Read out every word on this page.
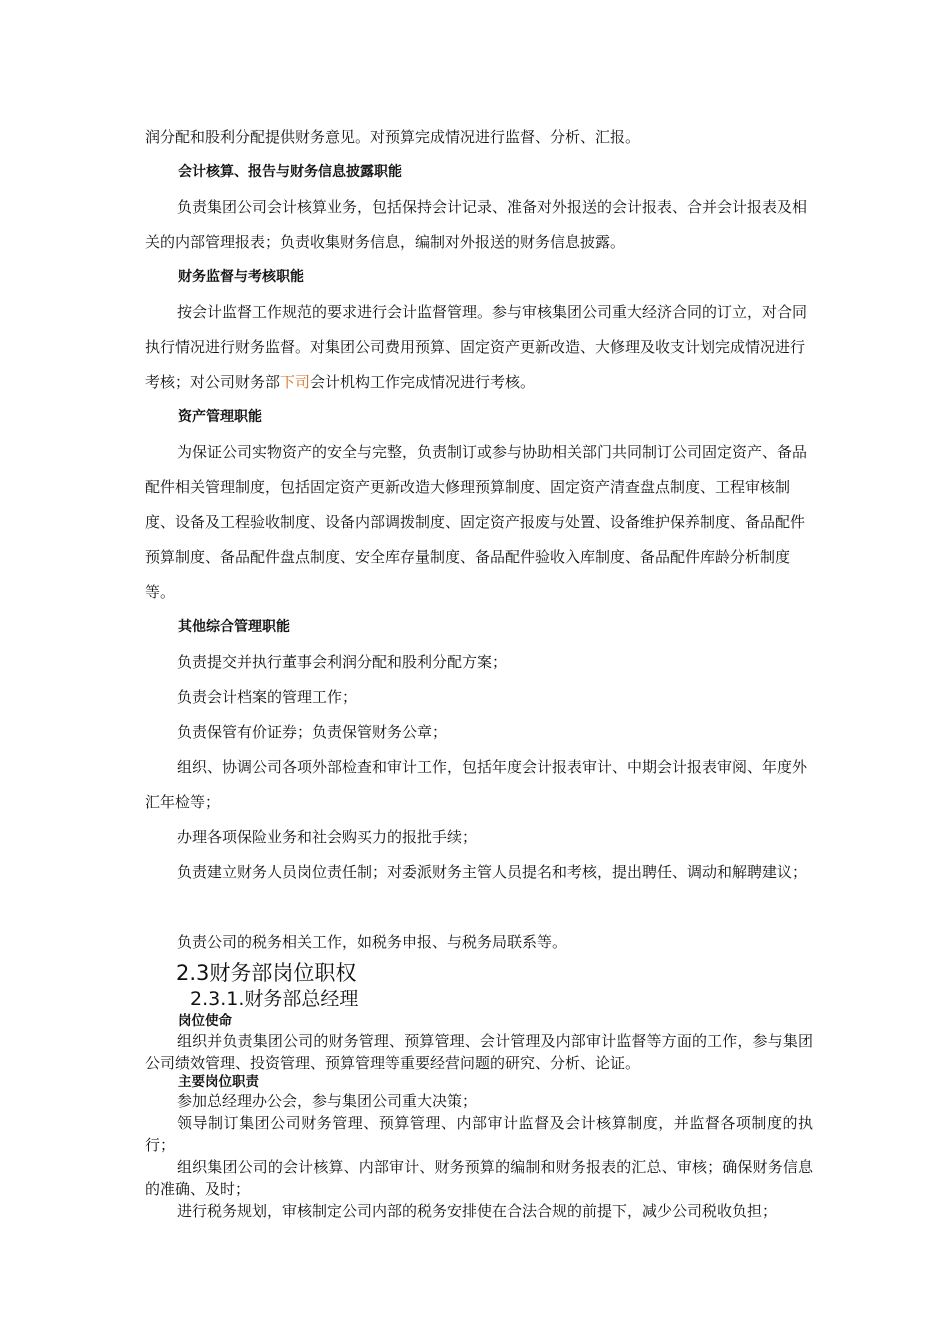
润分配和股利分配提供财务意见。对预算完成情况进行监督、分析、汇报。

会计核算、报告与财务信息披露职能

负责集团公司会计核算业务，包括保持会计记录、准备对外报送的会计报表、合并会计报表及相关的内部管理报表；负责收集财务信息，编制对外报送的财务信息披露。

财务监督与考核职能

按会计监督工作规范的要求进行会计监督管理。参与审核集团公司重大经济合同的订立，对合同执行情况进行财务监督。对集团公司费用预算、固定资产更新改造、大修理及收支计划完成情况进行考核；对公司财务部下司会计机构工作完成情况进行考核。

资产管理职能

为保证公司实物资产的安全与完整，负责制订或参与协助相关部门共同制订公司固定资产、备品配件相关管理制度，包括固定资产更新改造大修理预算制度、固定资产清查盘点制度、工程审核制度、设备及工程验收制度、设备内部调拨制度、固定资产报废与处置、设备维护保养制度、备品配件预算制度、备品配件盘点制度、安全库存量制度、备品配件验收入库制度、备品配件库龄分析制度等。

其他综合管理职能

负责提交并执行董事会利润分配和股利分配方案；

负责会计档案的管理工作；

负责保管有价证券；负责保管财务公章；

组织、协调公司各项外部检查和审计工作，包括年度会计报表审计、中期会计报表审阅、年度外汇年检等；

办理各项保险业务和社会购买力的报批手续；

负责建立财务人员岗位责任制；对委派财务主管人员提名和考核，提出聘任、调动和解聘建议；

负责公司的税务相关工作，如税务申报、与税务局联系等。

2.3财务部岗位职权

2.3.1.财务部总经理

岗位使命

组织并负责集团公司的财务管理、预算管理、会计管理及内部审计监督等方面的工作，参与集团公司绩效管理、投资管理、预算管理等重要经营问题的研究、分析、论证。

主要岗位职责

参加总经理办公会，参与集团公司重大决策；

领导制订集团公司财务管理、预算管理、内部审计监督及会计核算制度，并监督各项制度的执行；

组织集团公司的会计核算、内部审计、财务预算的编制和财务报表的汇总、审核；确保财务信息的准确、及时；

进行税务规划，审核制定公司内部的税务安排使在合法合规的前提下，减少公司税收负担；
